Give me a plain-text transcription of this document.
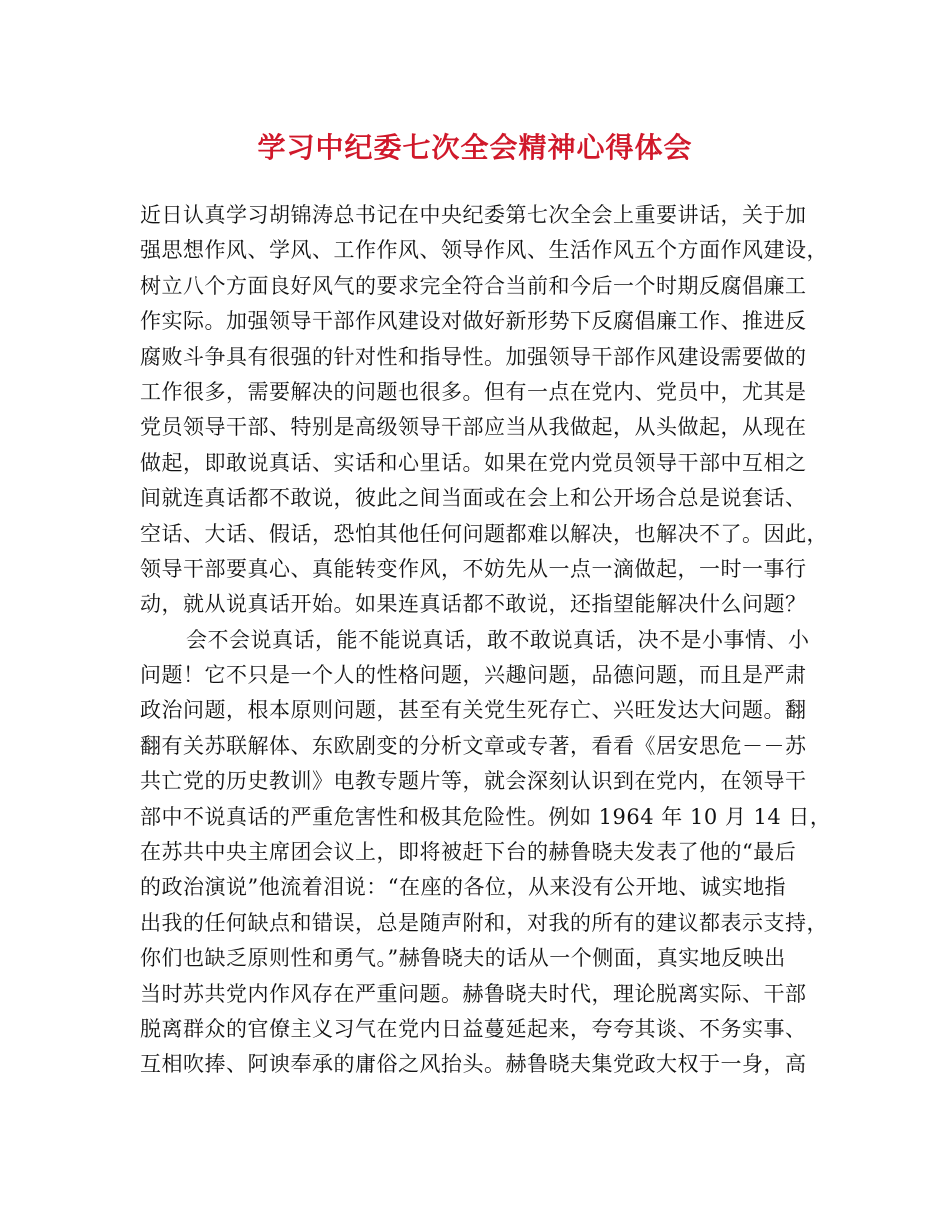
学习中纪委七次全会精神心得体会
近日认真学习胡锦涛总书记在中央纪委第七次全会上重要讲话，关于加
强思想作风、学风、工作作风、领导作风、生活作风五个方面作风建设，
树立八个方面良好风气的要求完全符合当前和今后一个时期反腐倡廉工
作实际。加强领导干部作风建设对做好新形势下反腐倡廉工作、推进反
腐败斗争具有很强的针对性和指导性。加强领导干部作风建设需要做的
工作很多，需要解决的问题也很多。但有一点在党内、党员中，尤其是
党员领导干部、特别是高级领导干部应当从我做起，从头做起，从现在
做起，即敢说真话、实话和心里话。如果在党内党员领导干部中互相之
间就连真话都不敢说，彼此之间当面或在会上和公开场合总是说套话、
空话、大话、假话，恐怕其他任何问题都难以解决，也解决不了。因此，
领导干部要真心、真能转变作风，不妨先从一点一滴做起，一时一事行
动，就从说真话开始。如果连真话都不敢说，还指望能解决什么问题？
会不会说真话，能不能说真话，敢不敢说真话，决不是小事情、小
问题！它不只是一个人的性格问题，兴趣问题，品德问题，而且是严肃
政治问题，根本原则问题，甚至有关党生死存亡、兴旺发达大问题。翻
翻有关苏联解体、东欧剧变的分析文章或专著，看看《居安思危－－苏
共亡党的历史教训》电教专题片等，就会深刻认识到在党内，在领导干
部中不说真话的严重危害性和极其危险性。例如 1964 年 10 月 14 日，
在苏共中央主席团会议上，即将被赶下台的赫鲁晓夫发表了他的“最后
的政治演说”他流着泪说：“在座的各位，从来没有公开地、诚实地指
出我的任何缺点和错误，总是随声附和，对我的所有的建议都表示支持，
你们也缺乏原则性和勇气。”赫鲁晓夫的话从一个侧面，真实地反映出
当时苏共党内作风存在严重问题。赫鲁晓夫时代，理论脱离实际、干部
脱离群众的官僚主义习气在党内日益蔓延起来，夸夸其谈、不务实事、
互相吹捧、阿谀奉承的庸俗之风抬头。赫鲁晓夫集党政大权于一身，高
